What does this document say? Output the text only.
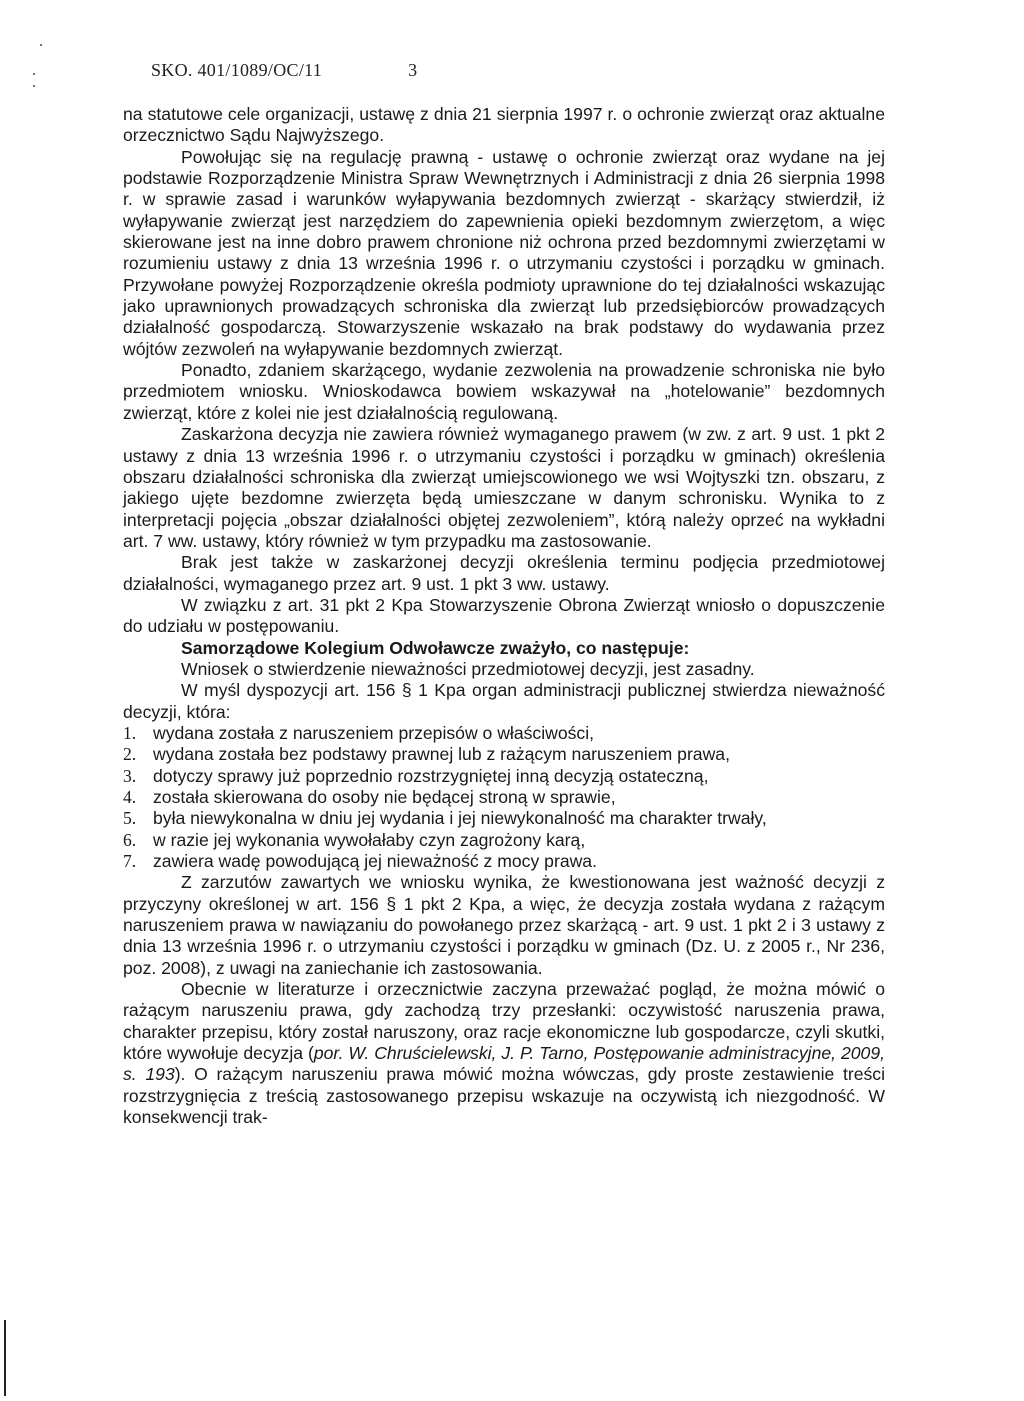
SKO. 401/1089/OC/11	3

na statutowe cele organizacji, ustawę z dnia 21 sierpnia 1997 r. o ochronie zwierząt oraz aktualne orzecznictwo Sądu Najwyższego.

Powołując się na regulację prawną - ustawę o ochronie zwierząt oraz wydane na jej podstawie Rozporządzenie Ministra Spraw Wewnętrznych i Administracji z dnia 26 sierpnia 1998 r. w sprawie zasad i warunków wyłapywania bezdomnych zwierząt - skarżący stwierdził, iż wyłapywanie zwierząt jest narzędziem do zapewnienia opieki bezdomnym zwierzętom, a więc skierowane jest na inne dobro prawem chronione niż ochrona przed bezdomnymi zwierzętami w rozumieniu ustawy z dnia 13 września 1996 r. o utrzymaniu czystości i porządku w gminach. Przywołane powyżej Rozporządzenie określa podmioty uprawnione do tej działalności wskazując jako uprawnionych prowadzących schroniska dla zwierząt lub przedsiębiorców prowadzących działalność gospodarczą. Stowarzyszenie wskazało na brak podstawy do wydawania przez wójtów zezwoleń na wyłapywanie bezdomnych zwierząt.

Ponadto, zdaniem skarżącego, wydanie zezwolenia na prowadzenie schroniska nie było przedmiotem wniosku. Wnioskodawca bowiem wskazywał na „hotelowanie” bezdomnych zwierząt, które z kolei nie jest działalnością regulowaną.

Zaskarżona decyzja nie zawiera również wymaganego prawem (w zw. z art. 9 ust. 1 pkt 2 ustawy z dnia 13 września 1996 r. o utrzymaniu czystości i porządku w gminach) określenia obszaru działalności schroniska dla zwierząt umiejscowionego we wsi Wojtyszki tzn. obszaru, z jakiego ujęte bezdomne zwierzęta będą umieszczane w danym schronisku. Wynika to z interpretacji pojęcia „obszar działalności objętej zezwoleniem”, którą należy oprzeć na wykładni art. 7 ww. ustawy, który również w tym przypadku ma zastosowanie.

Brak jest także w zaskarżonej decyzji określenia terminu podjęcia przedmiotowej działalności, wymaganego przez art. 9 ust. 1 pkt 3 ww. ustawy.

W związku z art. 31 pkt 2 Kpa Stowarzyszenie Obrona Zwierząt wniosło o dopuszczenie do udziału w postępowaniu.

Samorządowe Kolegium Odwoławcze zważyło, co następuje:

Wniosek o stwierdzenie nieważności przedmiotowej decyzji, jest zasadny.

W myśl dyspozycji art. 156 § 1 Kpa organ administracji publicznej stwierdza nieważność decyzji, która:

1. wydana została z naruszeniem przepisów o właściwości,
2. wydana została bez podstawy prawnej lub z rażącym naruszeniem prawa,
3. dotyczy sprawy już poprzednio rozstrzygniętej inną decyzją ostateczną,
4. została skierowana do osoby nie będącej stroną w sprawie,
5. była niewykonalna w dniu jej wydania i jej niewykonalność ma charakter trwały,
6. w razie jej wykonania wywołałaby czyn zagrożony karą,
7. zawiera wadę powodującą jej nieważność z mocy prawa.

Z zarzutów zawartych we wniosku wynika, że kwestionowana jest ważność decyzji z przyczyny określonej w art. 156 § 1 pkt 2 Kpa, a więc, że decyzja została wydana z rażącym naruszeniem prawa w nawiązaniu do powołanego przez skarżącą - art. 9 ust. 1 pkt 2 i 3 ustawy z dnia 13 września 1996 r. o utrzymaniu czystości i porządku w gminach (Dz. U. z 2005 r., Nr 236, poz. 2008), z uwagi na zaniechanie ich zastosowania.

Obecnie w literaturze i orzecznictwie zaczyna przeważać pogląd, że można mówić o rażącym naruszeniu prawa, gdy zachodzą trzy przesłanki: oczywistość naruszenia prawa, charakter przepisu, który został naruszony, oraz racje ekonomiczne lub gospodarcze, czyli skutki, które wywołuje decyzja (por. W. Chruścielewski, J. P. Tarno, Postępowanie administracyjne, 2009, s. 193). O rażącym naruszeniu prawa mówić można wówczas, gdy proste zestawienie treści rozstrzygnięcia z treścią zastosowanego przepisu wskazuje na oczywistą ich niezgodność. W konsekwencji trak-
